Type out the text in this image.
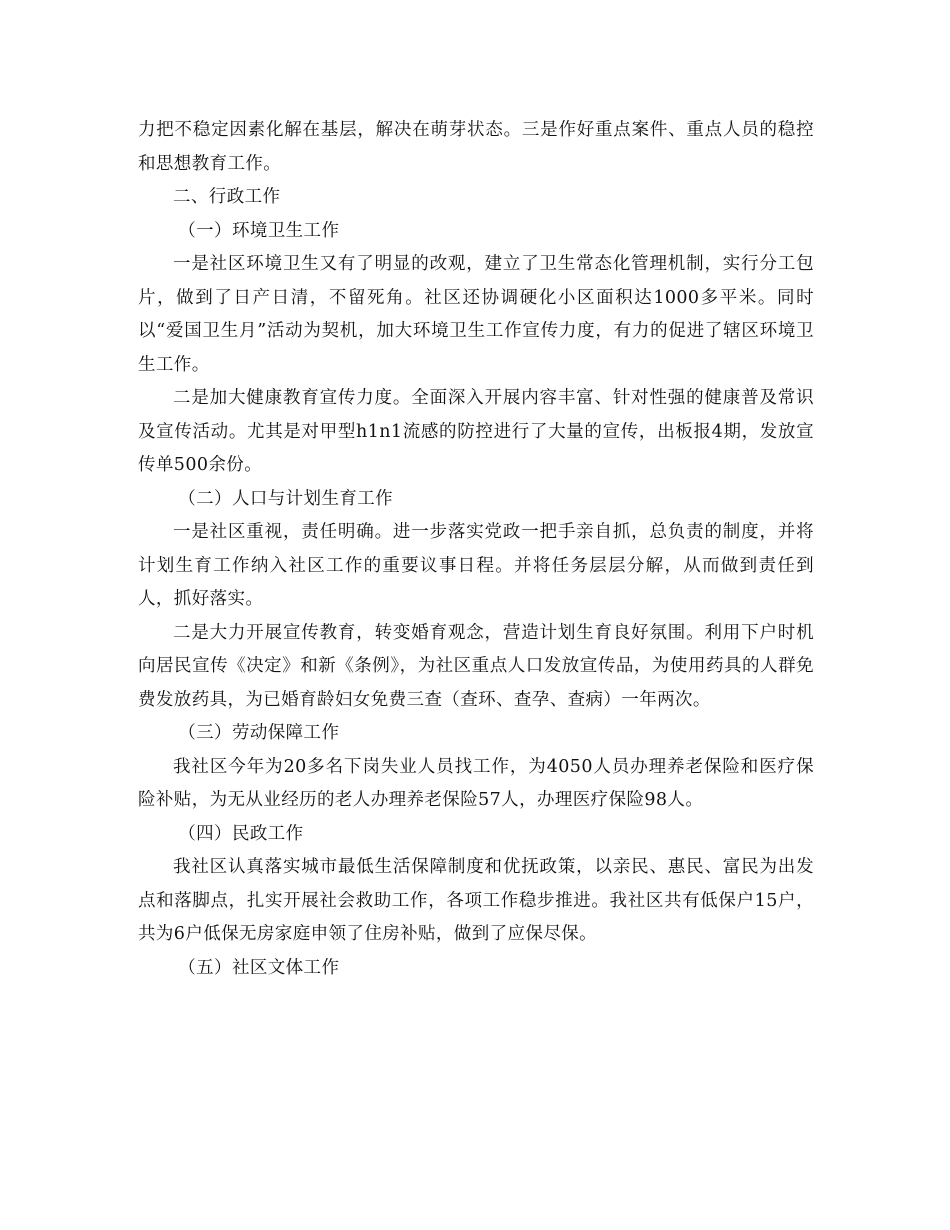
力把不稳定因素化解在基层，解决在萌芽状态。三是作好重点案件、重点人员的稳控和思想教育工作。

二、行政工作

（一）环境卫生工作

一是社区环境卫生又有了明显的改观，建立了卫生常态化管理机制，实行分工包片，做到了日产日清，不留死角。社区还协调硬化小区面积达1000多平米。同时以“爱国卫生月”活动为契机，加大环境卫生工作宣传力度，有力的促进了辖区环境卫生工作。

二是加大健康教育宣传力度。全面深入开展内容丰富、针对性强的健康普及常识及宣传活动。尤其是对甲型h1n1流感的防控进行了大量的宣传，出板报4期，发放宣传单500余份。

（二）人口与计划生育工作

一是社区重视，责任明确。进一步落实党政一把手亲自抓，总负责的制度，并将计划生育工作纳入社区工作的重要议事日程。并将任务层层分解，从而做到责任到人，抓好落实。

二是大力开展宣传教育，转变婚育观念，营造计划生育良好氛围。利用下户时机向居民宣传《决定》和新《条例》，为社区重点人口发放宣传品，为使用药具的人群免费发放药具，为已婚育龄妇女免费三查（查环、查孕、查病）一年两次。

（三）劳动保障工作

我社区今年为20多名下岗失业人员找工作，为4050人员办理养老保险和医疗保险补贴，为无从业经历的老人办理养老保险57人，办理医疗保险98人。

（四）民政工作

我社区认真落实城市最低生活保障制度和优抚政策，以亲民、惠民、富民为出发点和落脚点，扎实开展社会救助工作，各项工作稳步推进。我社区共有低保户15户，共为6户低保无房家庭申领了住房补贴，做到了应保尽保。

（五）社区文体工作
